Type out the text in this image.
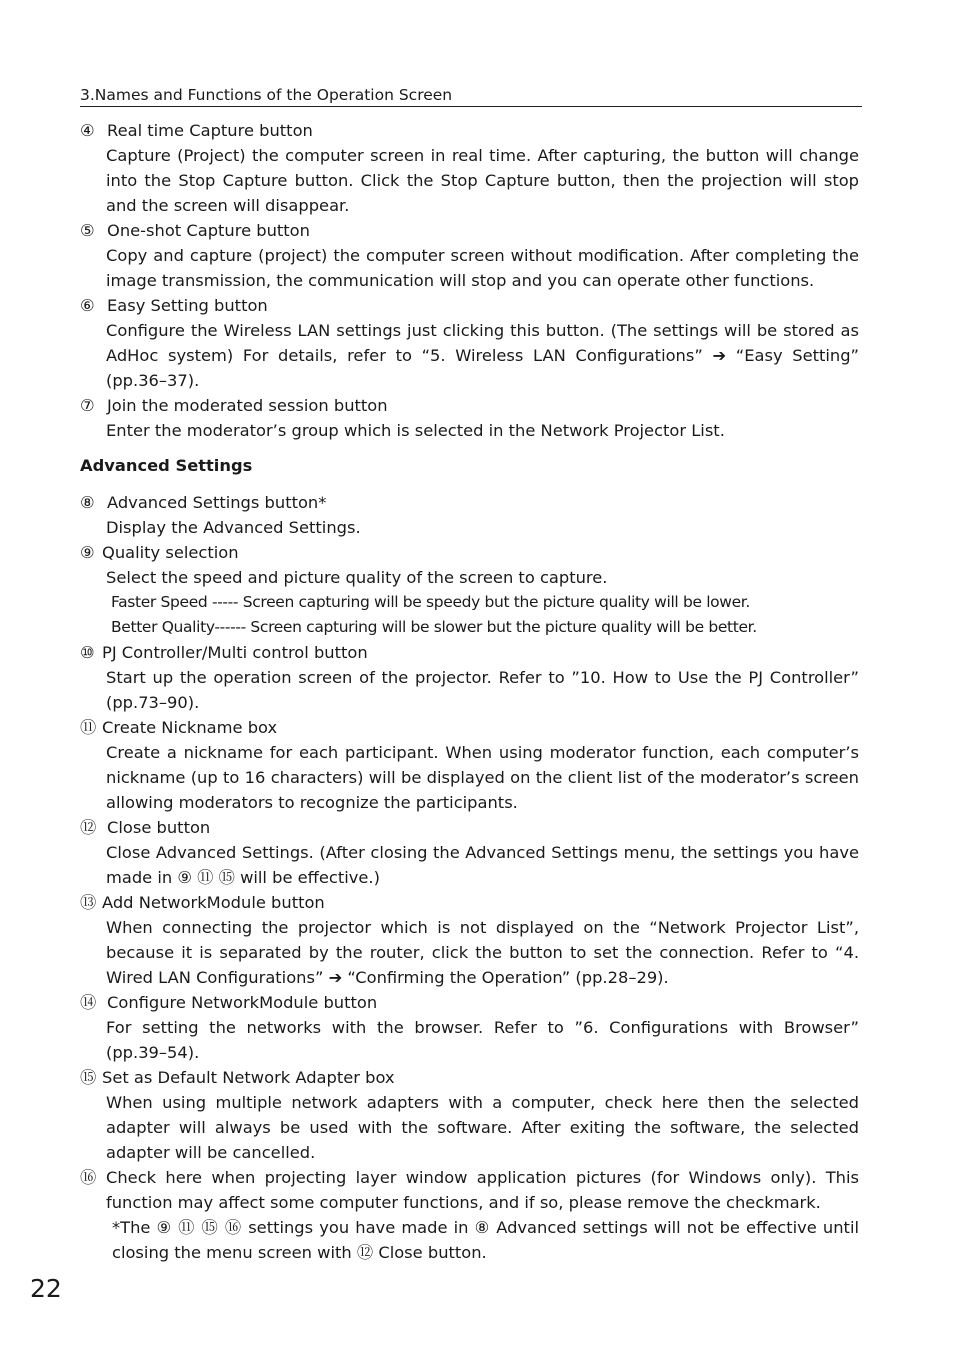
3.Names and Functions of the Operation Screen
④ Real time Capture button
Capture (Project) the computer screen in real time. After capturing, the button will change into the Stop Capture button. Click the Stop Capture button, then the projection will stop and the screen will disappear.
⑤ One-shot Capture button
Copy and capture (project) the computer screen without modification. After completing the image transmission, the communication will stop and you can operate other functions.
⑥ Easy Setting button
Configure the Wireless LAN settings just clicking this button. (The settings will be stored as AdHoc system) For details, refer to “5. Wireless LAN Configurations” ➔ “Easy Setting” (pp.36–37).
⑦ Join the moderated session button
Enter the moderator’s group which is selected in the Network Projector List.
Advanced Settings
⑧ Advanced Settings button*
Display the Advanced Settings.
⑨ Quality selection
Select the speed and picture quality of the screen to capture.
Faster Speed ----- Screen capturing will be speedy but the picture quality will be lower.
Better Quality------ Screen capturing will be slower but the picture quality will be better.
⑩ PJ Controller/Multi control button
Start up the operation screen of the projector. Refer to ”10. How to Use the PJ Controller” (pp.73–90).
⑪ Create Nickname box
Create a nickname for each participant. When using moderator function, each computer’s nickname (up to 16 characters) will be displayed on the client list of the moderator’s screen allowing moderators to recognize the participants.
⑫ Close button
Close Advanced Settings. (After closing the Advanced Settings menu, the settings you have made in ⑨ ⑪ ⑮ will be effective.)
⑬ Add NetworkModule button
When connecting the projector which is not displayed on the “Network Projector List”, because it is separated by the router, click the button to set the connection. Refer to “4. Wired LAN Configurations” ➔ “Confirming the Operation” (pp.28–29).
⑭ Configure NetworkModule button
For setting the networks with the browser. Refer to ”6. Configurations with Browser” (pp.39–54).
⑮ Set as Default Network Adapter box
When using multiple network adapters with a computer, check here then the selected adapter will always be used with the software. After exiting the software, the selected adapter will be cancelled.
⑯ Check here when projecting layer window application pictures (for Windows only). This function may affect some computer functions, and if so, please remove the checkmark.
*The ⑨ ⑪ ⑮ ⑯ settings you have made in ⑧ Advanced settings will not be effective until closing the menu screen with ⑫ Close button.
22
